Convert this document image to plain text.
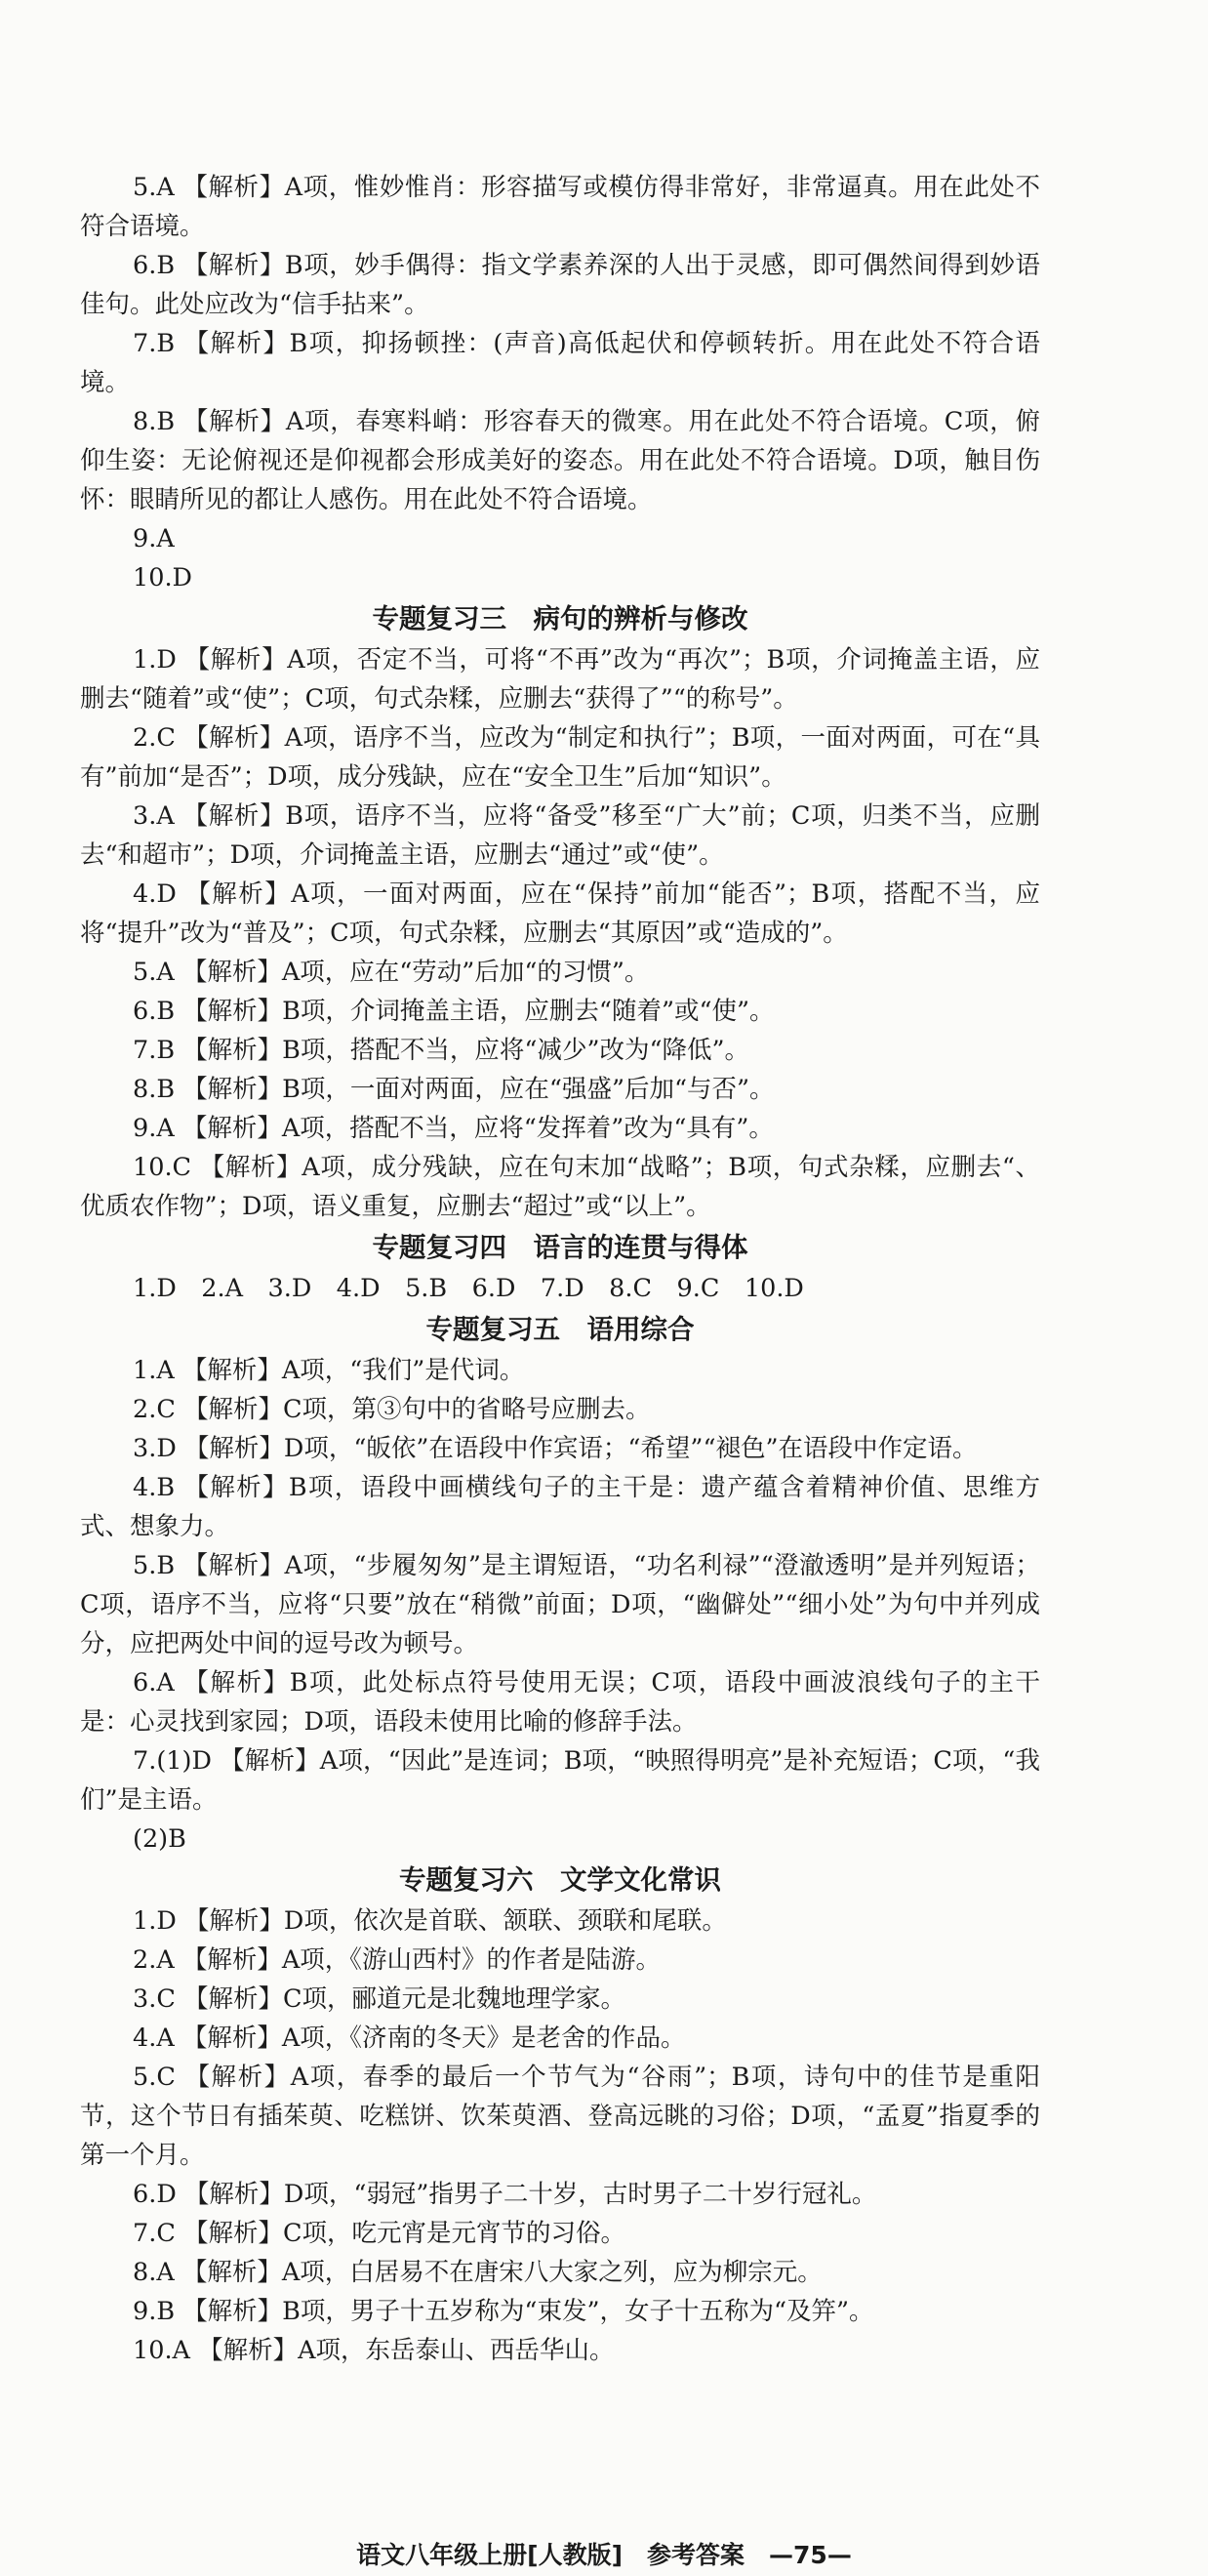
5.A 【解析】A项，惟妙惟肖：形容描写或模仿得非常好，非常逼真。用在此处不符合语境。

6.B 【解析】B项，妙手偶得：指文学素养深的人出于灵感，即可偶然间得到妙语佳句。此处应改为“信手拈来”。

7.B 【解析】B项，抑扬顿挫：(声音)高低起伏和停顿转折。用在此处不符合语境。

8.B 【解析】A项，春寒料峭：形容春天的微寒。用在此处不符合语境。C项，俯仰生姿：无论俯视还是仰视都会形成美好的姿态。用在此处不符合语境。D项，触目伤怀：眼睛所见的都让人感伤。用在此处不符合语境。

9.A

10.D

专题复习三　病句的辨析与修改

1.D 【解析】A项，否定不当，可将“不再”改为“再次”；B项，介词掩盖主语，应删去“随着”或“使”；C项，句式杂糅，应删去“获得了”“的称号”。

2.C 【解析】A项，语序不当，应改为“制定和执行”；B项，一面对两面，可在“具有”前加“是否”；D项，成分残缺，应在“安全卫生”后加“知识”。

3.A 【解析】B项，语序不当，应将“备受”移至“广大”前；C项，归类不当，应删去“和超市”；D项，介词掩盖主语，应删去“通过”或“使”。

4.D 【解析】A项，一面对两面，应在“保持”前加“能否”；B项，搭配不当，应将“提升”改为“普及”；C项，句式杂糅，应删去“其原因”或“造成的”。

5.A 【解析】A项，应在“劳动”后加“的习惯”。

6.B 【解析】B项，介词掩盖主语，应删去“随着”或“使”。

7.B 【解析】B项，搭配不当，应将“减少”改为“降低”。

8.B 【解析】B项，一面对两面，应在“强盛”后加“与否”。

9.A 【解析】A项，搭配不当，应将“发挥着”改为“具有”。

10.C 【解析】A项，成分残缺，应在句末加“战略”；B项，句式杂糅，应删去“、优质农作物”；D项，语义重复，应删去“超过”或“以上”。

专题复习四　语言的连贯与得体

1.D　2.A　3.D　4.D　5.B　6.D　7.D　8.C　9.C　10.D

专题复习五　语用综合

1.A 【解析】A项，“我们”是代词。

2.C 【解析】C项，第③句中的省略号应删去。

3.D 【解析】D项，“皈依”在语段中作宾语；“希望”“褪色”在语段中作定语。

4.B 【解析】B项，语段中画横线句子的主干是：遗产蕴含着精神价值、思维方式、想象力。

5.B 【解析】A项，“步履匆匆”是主谓短语，“功名利禄”“澄澈透明”是并列短语；C项，语序不当，应将“只要”放在“稍微”前面；D项，“幽僻处”“细小处”为句中并列成分，应把两处中间的逗号改为顿号。

6.A 【解析】B项，此处标点符号使用无误；C项，语段中画波浪线句子的主干是：心灵找到家园；D项，语段未使用比喻的修辞手法。

7.(1)D 【解析】A项，“因此”是连词；B项，“映照得明亮”是补充短语；C项，“我们”是主语。

(2)B

专题复习六　文学文化常识

1.D 【解析】D项，依次是首联、颔联、颈联和尾联。

2.A 【解析】A项，《游山西村》的作者是陆游。

3.C 【解析】C项，郦道元是北魏地理学家。

4.A 【解析】A项，《济南的冬天》是老舍的作品。

5.C 【解析】A项，春季的最后一个节气为“谷雨”；B项，诗句中的佳节是重阳节，这个节日有插茱萸、吃糕饼、饮茱萸酒、登高远眺的习俗；D项，“孟夏”指夏季的第一个月。

6.D 【解析】D项，“弱冠”指男子二十岁，古时男子二十岁行冠礼。

7.C 【解析】C项，吃元宵是元宵节的习俗。

8.A 【解析】A项，白居易不在唐宋八大家之列，应为柳宗元。

9.B 【解析】B项，男子十五岁称为“束发”，女子十五称为“及笄”。

10.A 【解析】A项，东岳泰山、西岳华山。

语文八年级上册[人教版]　参考答案　—75—
